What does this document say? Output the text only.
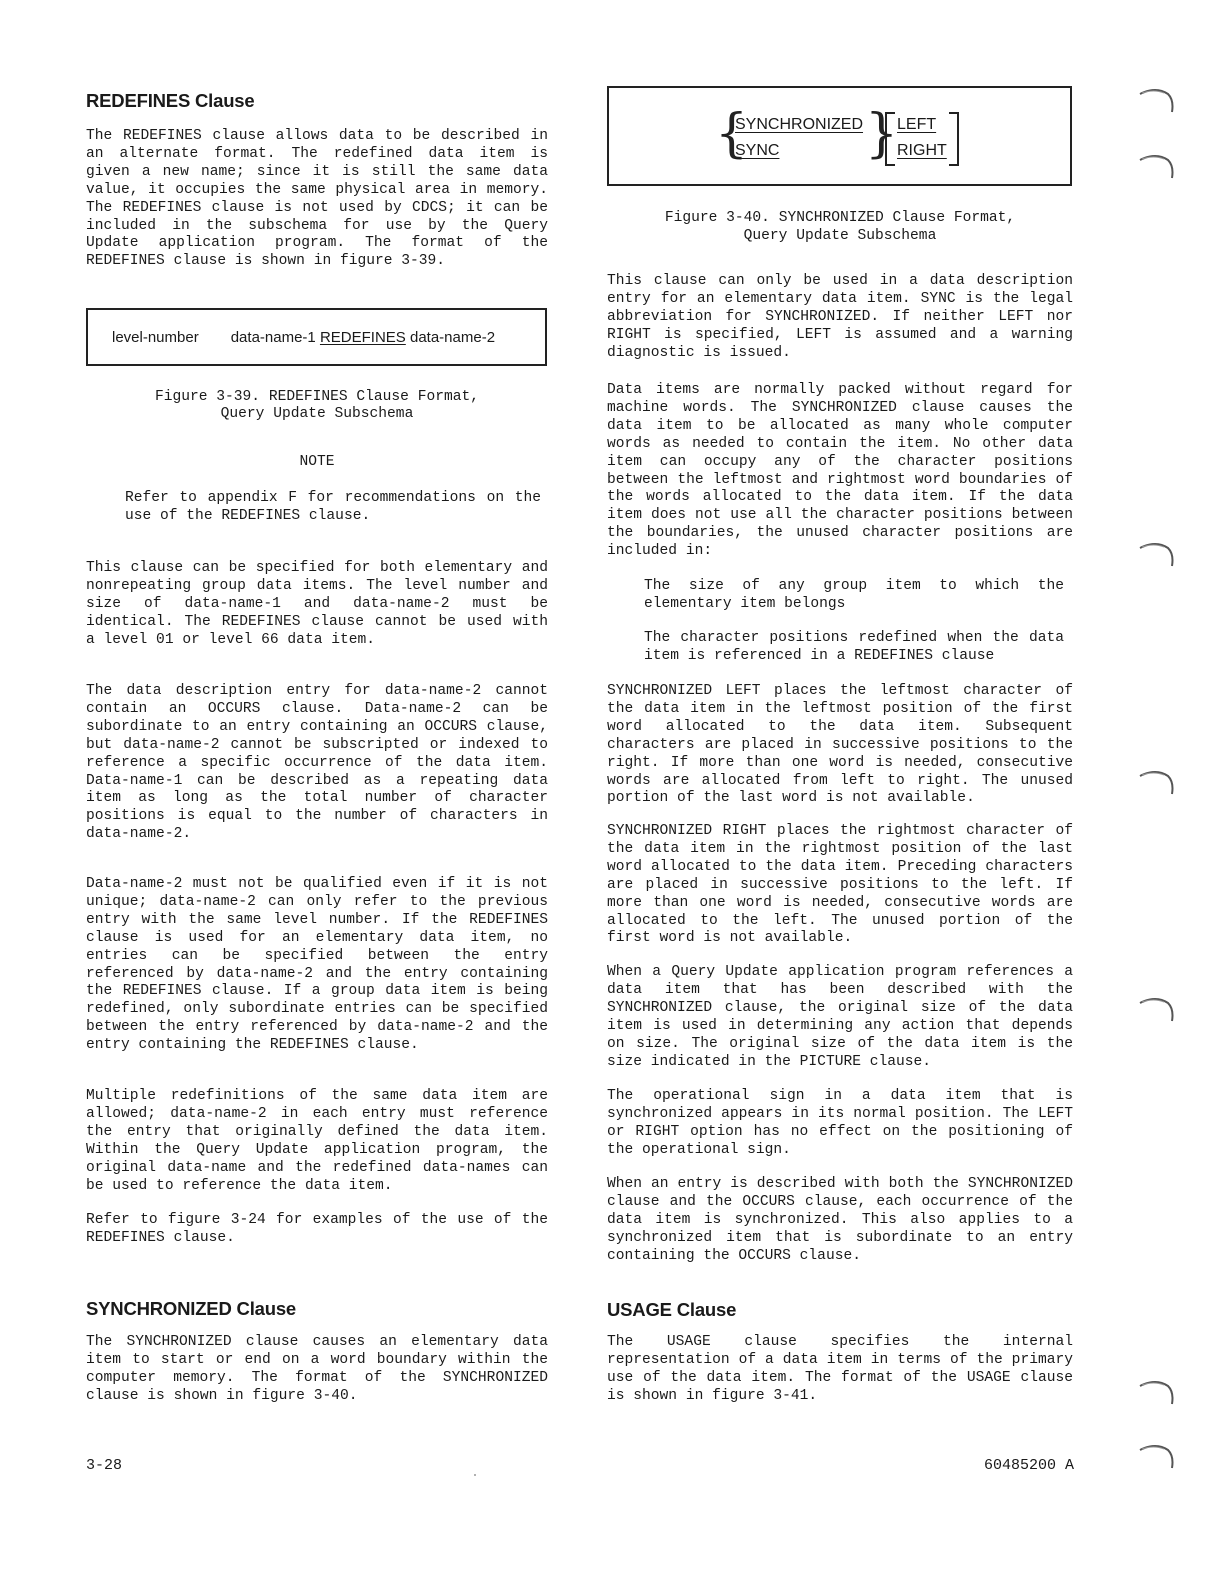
REDEFINES Clause

The REDEFINES clause allows data to be described in an alternate format. The redefined data item is given a new name; since it is still the same data value, it occupies the same physical area in memory. The REDEFINES clause is not used by CDCS; it can be included in the subschema for use by the Query Update application program. The format of the REDEFINES clause is shown in figure 3-39.

level-number data-name-1 REDEFINES data-name-2

Figure 3-39. REDEFINES Clause Format,

Query Update Subschema

NOTE

Refer to appendix F for recommendations on the use of the REDEFINES clause.

This clause can be specified for both elementary and nonrepeating group data items. The level number and size of data-name-1 and data-name-2 must be identical. The REDEFINES clause cannot be used with a level 01 or level 66 data item.

The data description entry for data-name-2 cannot contain an OCCURS clause. Data-name-2 can be subordinate to an entry containing an OCCURS clause, but data-name-2 cannot be subscripted or indexed to reference a specific occurrence of the data item. Data-name-1 can be described as a repeating data item as long as the total number of character positions is equal to the number of characters in data-name-2.

Data-name-2 must not be qualified even if it is not unique; data-name-2 can only refer to the previous entry with the same level number. If the REDEFINES clause is used for an elementary data item, no entries can be specified between the entry referenced by data-name-2 and the entry containing the REDEFINES clause. If a group data item is being redefined, only subordinate entries can be specified between the entry referenced by data-name-2 and the entry containing the REDEFINES clause.

Multiple redefinitions of the same data item are allowed; data-name-2 in each entry must reference the entry that originally defined the data item. Within the Query Update application program, the original data-name and the redefined data-names can be used to reference the data item.

Refer to figure 3-24 for examples of the use of the REDEFINES clause.

SYNCHRONIZED Clause

The SYNCHRONIZED clause causes an elementary data item to start or end on a word boundary within the computer memory. The format of the SYNCHRONIZED clause is shown in figure 3-40.

{
SYNCHRONIZED
SYNC }
LEFT
RIGHT

Figure 3-40. SYNCHRONIZED Clause Format,

Query Update Subschema

This clause can only be used in a data description entry for an elementary data item. SYNC is the legal abbreviation for SYNCHRONIZED. If neither LEFT nor RIGHT is specified, LEFT is assumed and a warning diagnostic is issued.

Data items are normally packed without regard for machine words. The SYNCHRONIZED clause causes the data item to be allocated as many whole computer words as needed to contain the item. No other data item can occupy any of the character positions between the leftmost and rightmost word boundaries of the words allocated to the data item. If the data item does not use all the character positions between the boundaries, the unused character positions are included in:

The size of any group item to which the elementary item belongs

The character positions redefined when the data item is referenced in a REDEFINES clause

SYNCHRONIZED LEFT places the leftmost character of the data item in the leftmost position of the first word allocated to the data item. Subsequent characters are placed in successive positions to the right. If more than one word is needed, consecutive words are allocated from left to right. The unused portion of the last word is not available.

SYNCHRONIZED RIGHT places the rightmost character of the data item in the rightmost position of the last word allocated to the data item. Preceding characters are placed in successive positions to the left. If more than one word is needed, consecutive words are allocated to the left. The unused portion of the first word is not available.

When a Query Update application program references a data item that has been described with the SYNCHRONIZED clause, the original size of the data item is used in determining any action that depends on size. The original size of the data item is the size indicated in the PICTURE clause.

The operational sign in a data item that is synchronized appears in its normal position. The LEFT or RIGHT option has no effect on the positioning of the operational sign.

When an entry is described with both the SYNCHRONIZED clause and the OCCURS clause, each occurrence of the data item is synchronized. This also applies to a synchronized item that is subordinate to an entry containing the OCCURS clause.

USAGE Clause

The USAGE clause specifies the internal representation of a data item in terms of the primary use of the data item. The format of the USAGE clause is shown in figure 3-41.

3-28	60485200 A
